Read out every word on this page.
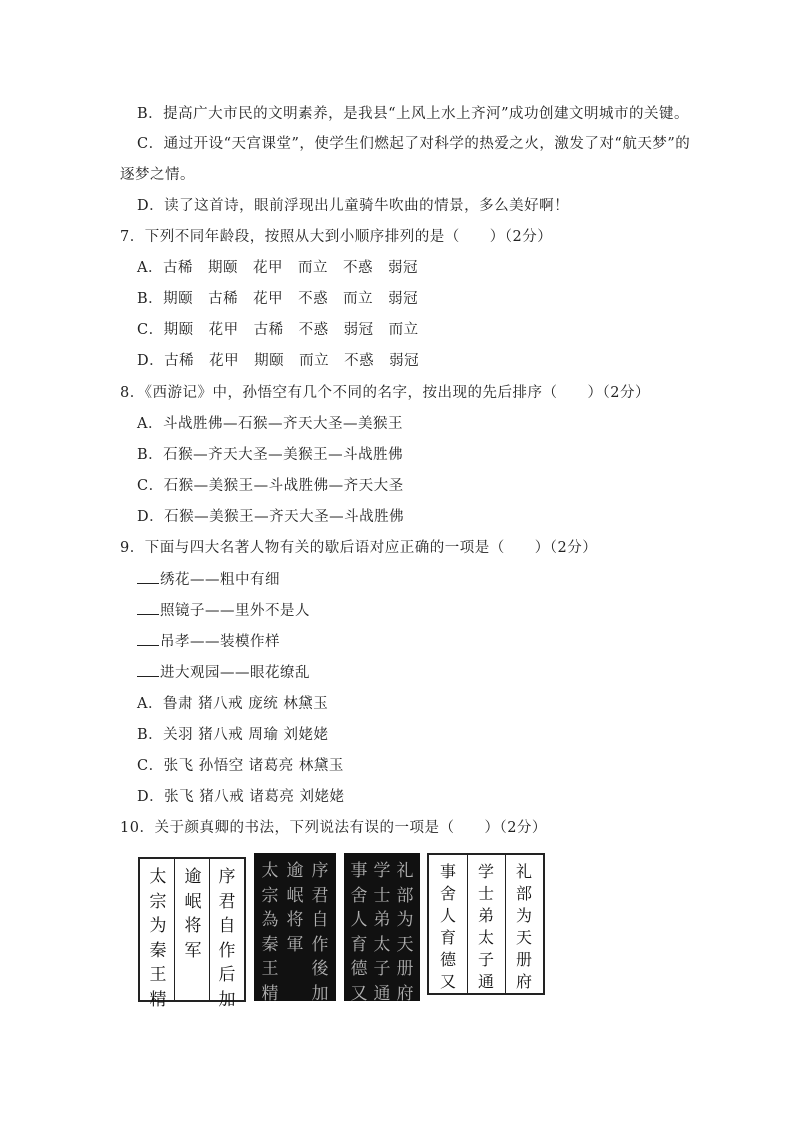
B．提高广大市民的文明素养，是我县“上风上水上齐河”成功创建文明城市的关键。
C．通过开设“天宫课堂”，使学生们燃起了对科学的热爱之火，激发了对“航天梦”的
逐梦之情。
D．读了这首诗，眼前浮现出儿童骑牛吹曲的情景，多么美好啊！
7．下列不同年龄段，按照从大到小顺序排列的是（　　）（2分）
A．古稀　期颐　花甲　而立　不惑　弱冠
B．期颐　古稀　花甲　不惑　而立　弱冠
C．期颐　花甲　古稀　不惑　弱冠　而立
D．古稀　花甲　期颐　而立　不惑　弱冠
8．《西游记》中，孙悟空有几个不同的名字，按出现的先后排序（　　）（2分）
A．斗战胜佛—石猴—齐天大圣—美猴王
B．石猴—齐天大圣—美猴王—斗战胜佛
C．石猴—美猴王—斗战胜佛—齐天大圣
D．石猴—美猴王—齐天大圣—斗战胜佛
9．下面与四大名著人物有关的歇后语对应正确的一项是（　　）（2分）
绣花——粗中有细
照镜子——里外不是人
吊孝——装模作样
进大观园——眼花缭乱
A．鲁肃 猪八戒 庞统 林黛玉
B．关羽 猪八戒 周瑜 刘姥姥
C．张飞 孙悟空 诸葛亮 林黛玉
D．张飞 猪八戒 诸葛亮 刘姥姥
10．关于颜真卿的书法，下列说法有误的一项是（　　）（2分）
序
君
自
作
后
加
逾
岷
将
军
太
宗
为
秦
王
精
序
君
自
作
後
加
逾
岷
将
軍
太
宗
為
秦
王
精
礼
部
为
天
册
府
学
士
弟
太
子
通
事
舍
人
育
德
又
礼
部
为
天
册
府
学
士
弟
太
子
通
事
舍
人
育
德
又
